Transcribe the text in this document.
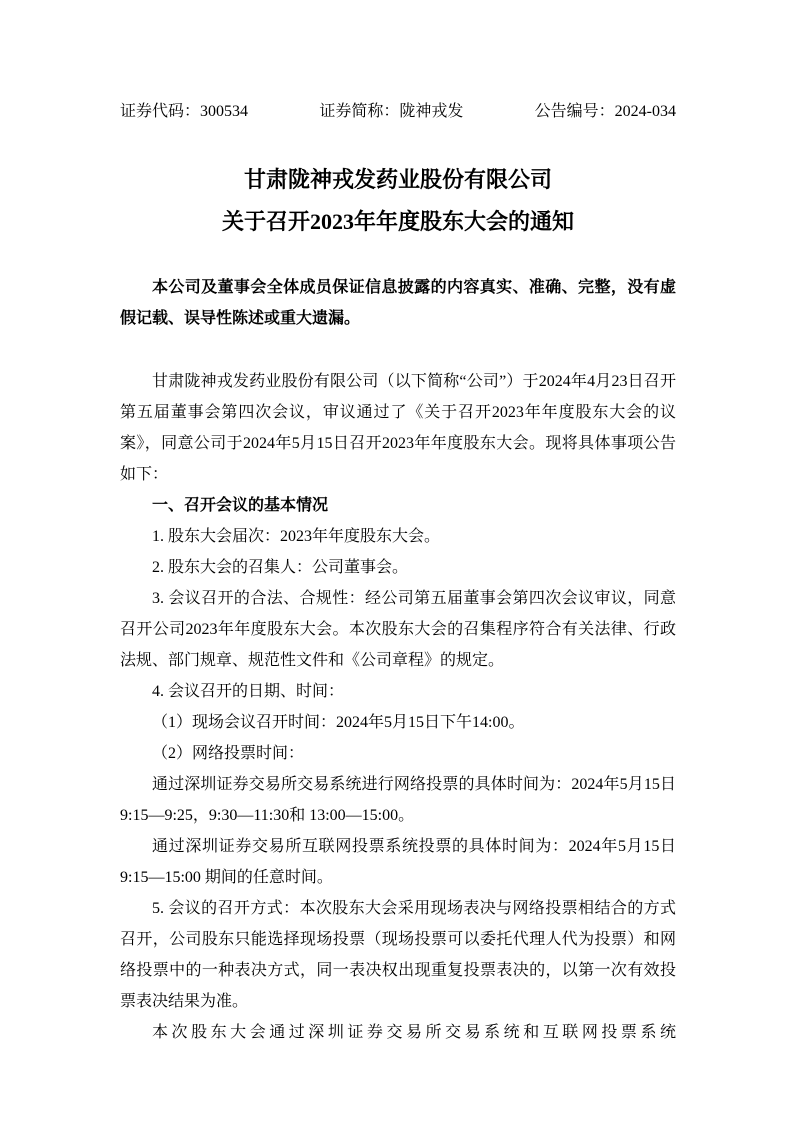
证券代码：300534	证券简称：陇神戎发	公告编号：2024-034
甘肃陇神戎发药业股份有限公司
关于召开2023年年度股东大会的通知

本公司及董事会全体成员保证信息披露的内容真实、准确、完整，没有虚假记载、误导性陈述或重大遗漏。

甘肃陇神戎发药业股份有限公司（以下简称“公司”）于2024年4月23日召开第五届董事会第四次会议，审议通过了《关于召开2023年年度股东大会的议案》，同意公司于2024年5月15日召开2023年年度股东大会。现将具体事项公告如下：

一、召开会议的基本情况

1. 股东大会届次：2023年年度股东大会。

2. 股东大会的召集人：公司董事会。

3. 会议召开的合法、合规性：经公司第五届董事会第四次会议审议，同意召开公司2023年年度股东大会。本次股东大会的召集程序符合有关法律、行政法规、部门规章、规范性文件和《公司章程》的规定。

4. 会议召开的日期、时间：

（1）现场会议召开时间：2024年5月15日下午14:00。

（2）网络投票时间：

通过深圳证券交易所交易系统进行网络投票的具体时间为：2024年5月15日9:15—9:25，9:30—11:30和 13:00—15:00。

通过深圳证券交易所互联网投票系统投票的具体时间为：2024年5月15日9:15—15:00 期间的任意时间。

5. 会议的召开方式：本次股东大会采用现场表决与网络投票相结合的方式召开，公司股东只能选择现场投票（现场投票可以委托代理人代为投票）和网络投票中的一种表决方式，同一表决权出现重复投票表决的，以第一次有效投票表决结果为准。

本次股东大会通过深圳证券交易所交易系统和互联网投票系统
